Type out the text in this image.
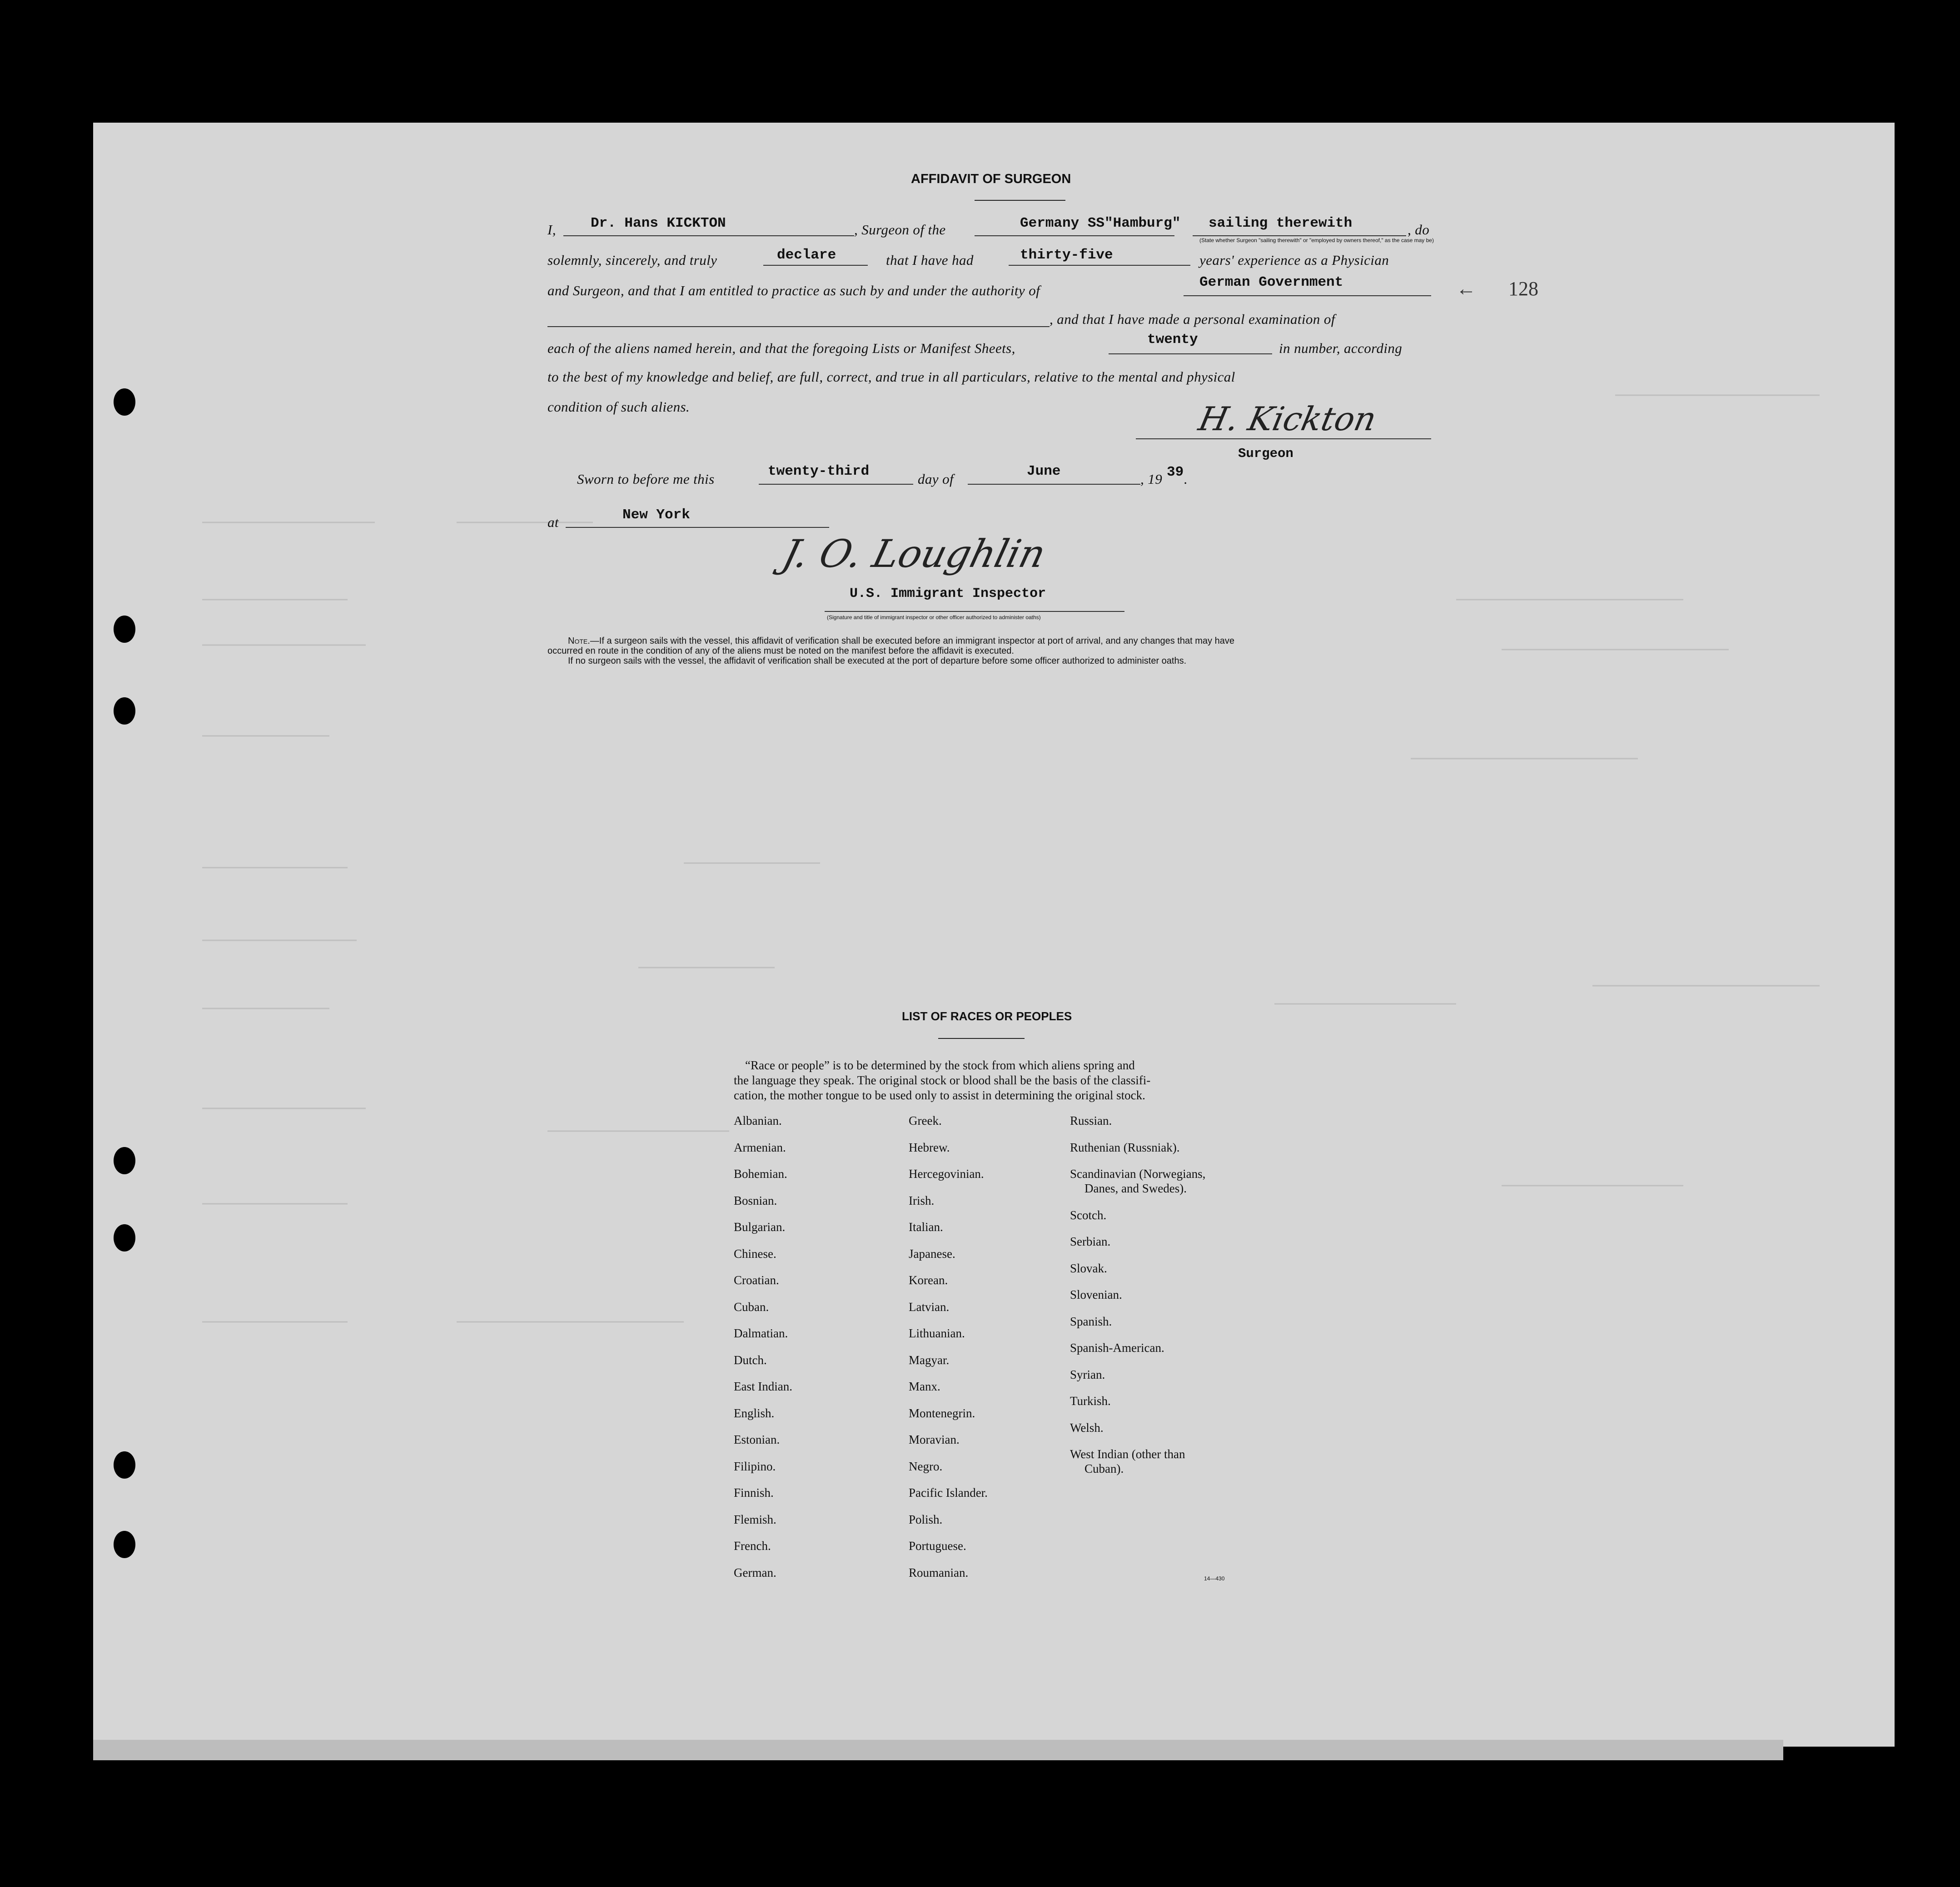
128
←
AFFIDAVIT OF SURGEON
I, Dr. Hans KICKTON	, Surgeon of the	Germany SS"Hamburg" sailing therewith	, do
(State whether Surgeon "sailing therewith" or "employed by owners thereof," as the case may be)
solemnly, sincerely, and truly	declare	that I have had	thirty-five	years' experience as a Physician
and Surgeon, and that I am entitled to practice as such by and under the authority of
German Government
, and that I have made a personal examination of
each of the aliens named herein, and that the foregoing Lists or Manifest Sheets,
twenty
in number, according
to the best of my knowledge and belief, are full, correct, and true in all particulars, relative to the mental and physical
condition of such aliens.	H. Kickton
Surgeon
Sworn to before me this	twenty-third	day of	June	, 19 39 .
at	New York
J. O. Loughlin
U.S. Immigrant Inspector
(Signature and title of immigrant inspector or other officer authorized to administer oaths)
Note.—If a surgeon sails with the vessel, this affidavit of verification shall be executed before an immigrant inspector at port of arrival, and any changes that may have
occurred en route in the condition of any of the aliens must be noted on the manifest before the affidavit is executed.
If no surgeon sails with the vessel, the affidavit of verification shall be executed at the port of departure before some officer authorized to administer oaths.
LIST OF RACES OR PEOPLES
“Race or people” is to be determined by the stock from which aliens spring and
the language they speak. The original stock or blood shall be the basis of the classifi-
cation, the mother tongue to be used only to assist in determining the original stock.
Albanian.
Armenian.
Bohemian.
Bosnian.
Bulgarian.
Chinese.
Croatian.
Cuban.
Dalmatian.
Dutch.
East Indian.
English.
Estonian.
Filipino.
Finnish.
Flemish.
French.
German.
Greek.
Hebrew.
Hercegovinian.
Irish.
Italian.
Japanese.
Korean.
Latvian.
Lithuanian.
Magyar.
Manx.
Montenegrin.
Moravian.
Negro.
Pacific Islander.
Polish.
Portuguese.
Roumanian.
Russian.
Ruthenian (Russniak).
Scandinavian (Norwegians,
Danes, and Swedes).
Scotch.
Serbian.
Slovak.
Slovenian.
Spanish.
Spanish-American.
Syrian.
Turkish.
Welsh.
West Indian (other than
Cuban).
14—430
